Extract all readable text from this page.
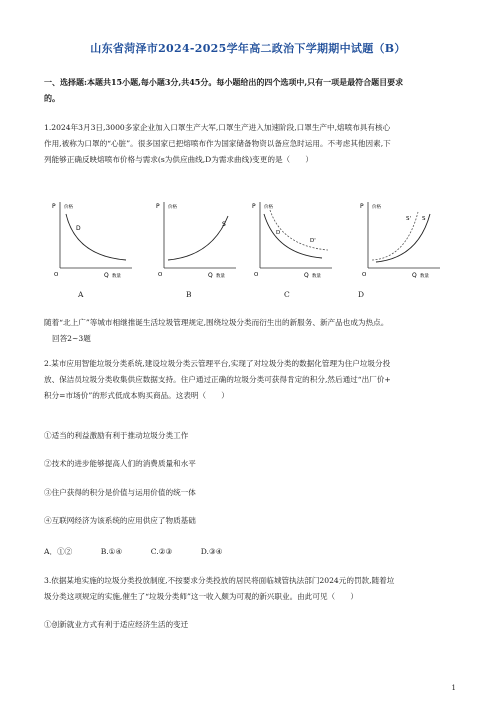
山东省菏泽市2024-2025学年高二政治下学期期中试题（B）
一、选择题:本题共15小题,每小题3分,共45分。每小题给出的四个选项中,只有一项是最符合题目要求
的。
1.2024年3月3日,3000多家企业加入口罩生产大军,口罩生产进入加速阶段,口罩生产中,熔喷布具有核心
作用,被称为口罩的“心脏”。很多国家已把熔喷布作为国家储备物资以备应急时运用。不考虑其他因素,下
列能够正确反映熔喷布价格与需求(s为供应曲线,D为需求曲线)变更的是（　　）
P 价格
O	Q 数量
D
P 价格
O	Q 数量
S
P 价格
O	Q 数量
D
D'
P 价格
O	Q 数量
S' S
A	B	C	D
随着“北上广”等城市相继推诞生活垃圾管理规定,围绕垃圾分类而衍生出的新服务、新产品也成为热点。
回答2~3题
2.某市应用智能垃圾分类系统,建设垃圾分类云管理平台,实现了对垃圾分类的数据化管理为住户垃圾分投
放、保洁员垃圾分类收集供应数据支持。住户通过正确的垃圾分类可获得肯定的积分,然后通过“出厂价+
积分=市场价”的形式低成本购买商品。这表明（　　）
①适当的利益激励有利于推动垃圾分类工作
②技术的进步能够提高人们的消费质量和水平
③住户获得的积分是价值与运用价值的统一体
④互联网经济为该系统的应用供应了物质基础
A．①②	B.①④	C.②③	D.③④
3.依据某地实施的垃圾分类投放制度,不按要求分类投放的居民将面临城管执法部门2024元的罚款,随着垃
圾分类这项规定的实施,催生了“垃圾分类师”这一收入颇为可观的新兴职业。由此可见（　　）
①创新就业方式有利于适应经济生活的变迁
1
